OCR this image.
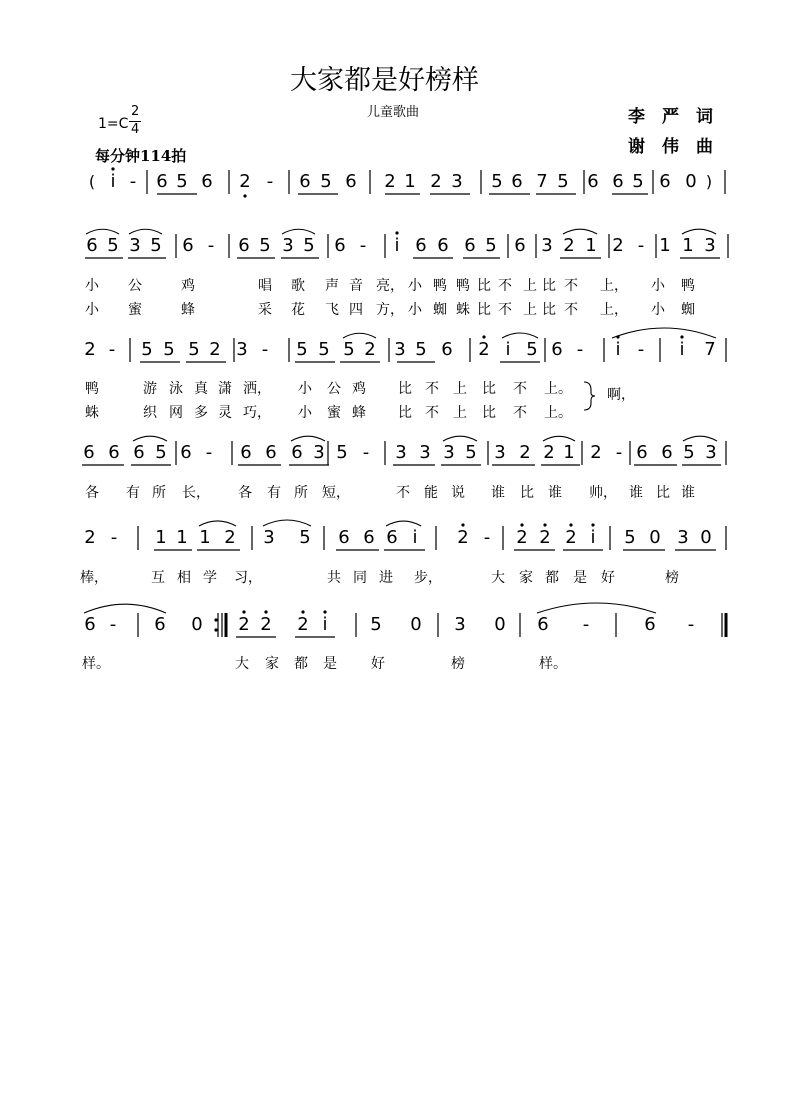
大家都是好榜样
儿童歌曲
1=C
2
4
每分钟114拍
李　严　词
谢　伟　曲
( i - 6 5 6 2 - 6 5 6 2 1 2 3 5 6 7 5 6 6 5 6 0 )
6 5 3 5 6 - 6 5 3 5 6 -	i 6 6 6 5 6 3 2 1 2 - 1 1 3
小 公	鸡	唱 歌 声 音 亮， 小 鸭 鸭 比 不 上 比 不 上， 小 鸭
小 蜜	蜂	采 花 飞 四 方， 小 蜘 蛛 比 不 上 比 不 上， 小 蜘
2 - 5 5 5 2 3 - 5 5 5 2 3 5 6 2 i 5 6 -	i -	i	7
鸭	游 泳 真 潇 洒， 小 公 鸡 比 不 上 比 不 上。
蛛	织 网 多 灵 巧， 小 蜜 蜂 比 不 上 比 不 上。
啊，
6 6 6 5 6 - 6 6 6 3 5 - 3 3 3 5 3 2 2 1 2 - 6 6 5 3
各 有 所 长， 各 有 所 短，	不 能 说 谁 比 谁 帅， 谁 比 谁
2 - 1 1 1 2 3 5 6 6 6 i	2 - 2 2 2 i	5 0 3 0
棒，	互 相 学 习，	共 同 进 步，	大 家 都 是 好	榜
6 - 6 0 2 2 2 i	5 0 3 0 6 -	6 -
样。	大 家 都 是 好	榜	样。
